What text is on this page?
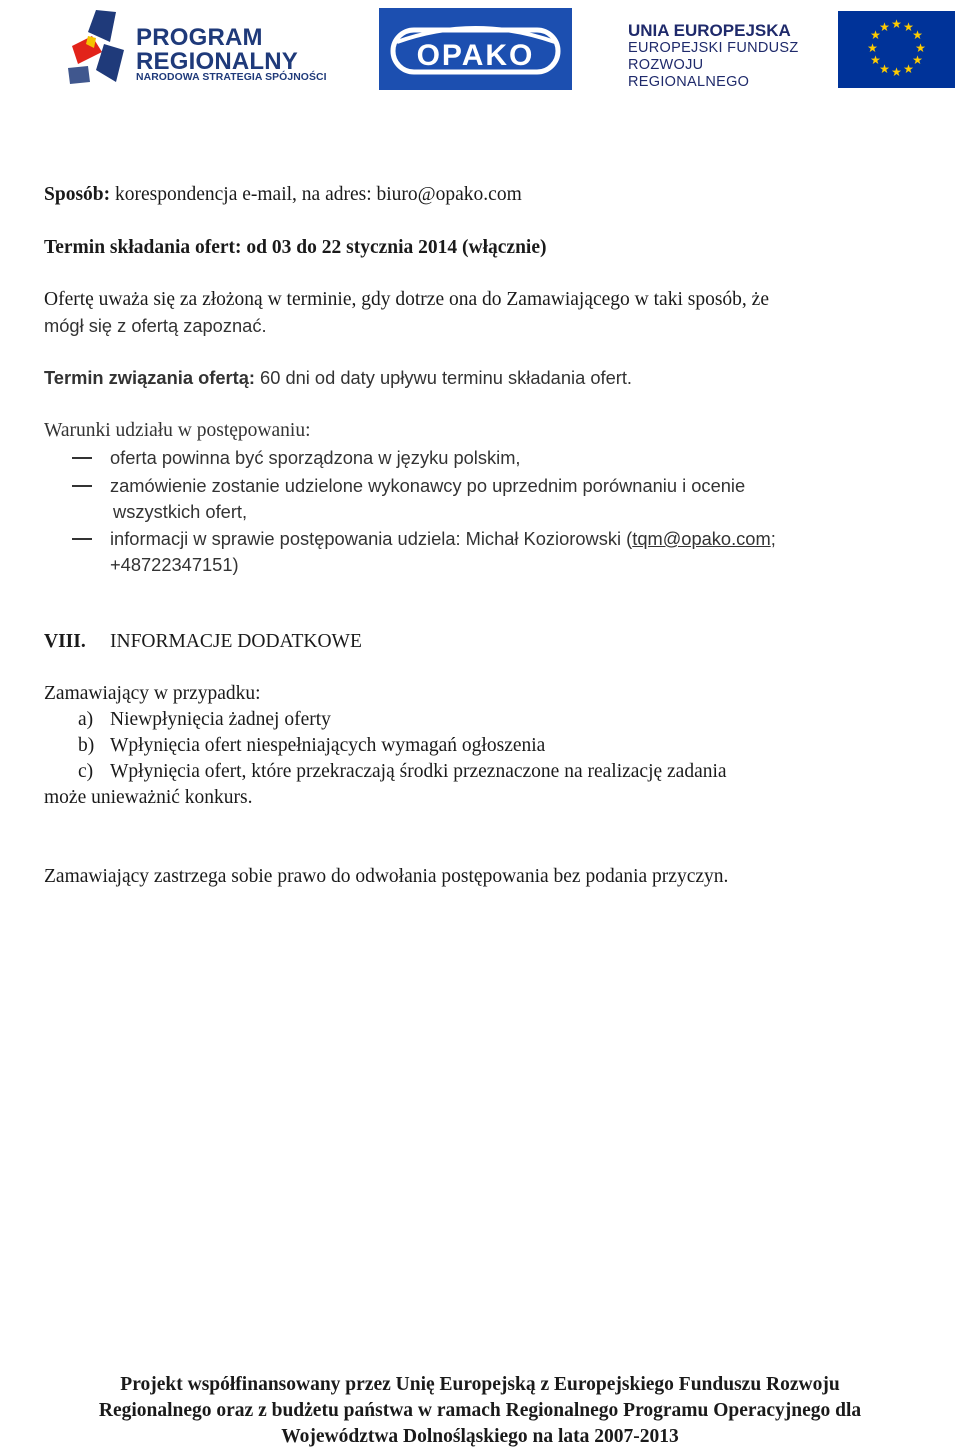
PROGRAM
REGIONALNY
NARODOWA STRATEGIA SPÓJNOŚCI
OPAKO
UNIA EUROPEJSKA
EUROPEJSKI FUNDUSZ
ROZWOJU REGIONALNEGO
★ ★
★
★
★
★
★
★
★
★
★
★
Sposób: korespondencja e-mail, na adres: biuro@opako.com
Termin składania ofert: od 03 do 22 stycznia 2014 (włącznie)
Ofertę uważa się za złożoną w terminie, gdy dotrze ona do Zamawiającego w taki sposób, że
mógł się z ofertą zapoznać.
Termin związania ofertą: 60 dni od daty upływu terminu składania ofert.
Warunki udziału w postępowaniu:
oferta powinna być sporządzona w języku polskim,
zamówienie zostanie udzielone wykonawcy po uprzednim porównaniu i ocenie
wszystkich ofert,
informacji w sprawie postępowania udziela: Michał Koziorowski (tqm@opako.com;
+48722347151)
VIII. INFORMACJE DODATKOWE
Zamawiający w przypadku:
a) Niewpłynięcia żadnej oferty
b) Wpłynięcia ofert niespełniających wymagań ogłoszenia
c) Wpłynięcia ofert, które przekraczają środki przeznaczone na realizację zadania
może unieważnić konkurs.
Zamawiający zastrzega sobie prawo do odwołania postępowania bez podania przyczyn.
Projekt współfinansowany przez Unię Europejską z Europejskiego Funduszu Rozwoju
Regionalnego oraz z budżetu państwa w ramach Regionalnego Programu Operacyjnego dla
Województwa Dolnośląskiego na lata 2007-2013
